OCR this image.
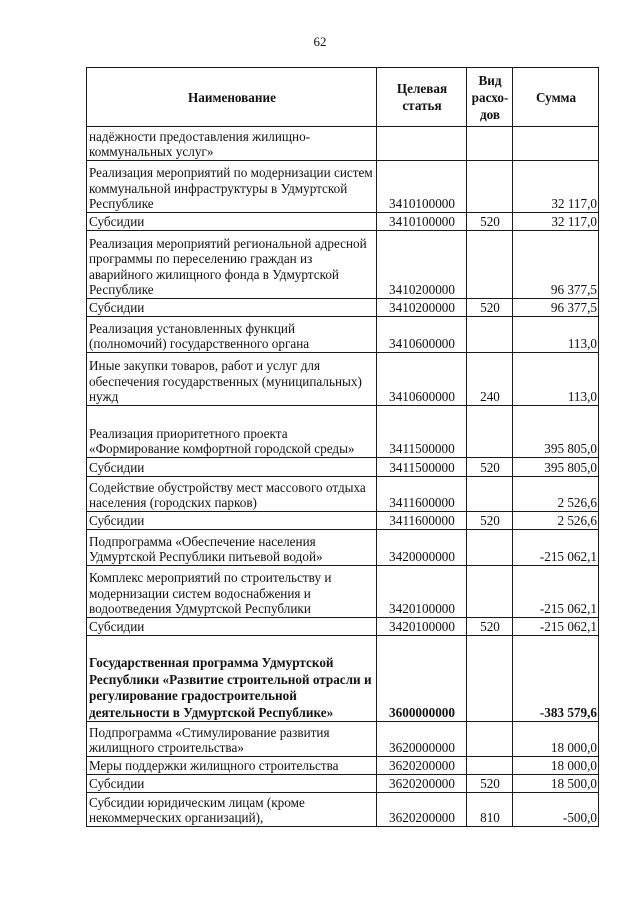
62
Наименование	Целевая статья	Вид расхо-дов	Сумма
надёжности предоставления жилищно-коммунальных услуг»			
Реализация мероприятий по модернизации систем коммунальной инфраструктуры в Удмуртской Республике	3410100000		32 117,0
Субсидии	3410100000	520	32 117,0
Реализация мероприятий региональной адресной программы по переселению граждан из аварийного жилищного фонда в Удмуртской Республике	3410200000		96 377,5
Субсидии	3410200000	520	96 377,5
Реализация установленных функций (полномочий) государственного органа	3410600000		113,0
Иные закупки товаров, работ и услуг для обеспечения государственных (муниципальных) нужд	3410600000	240	113,0
Реализация приоритетного проекта «Формирование комфортной городской среды»	3411500000		395 805,0
Субсидии	3411500000	520	395 805,0
Содействие обустройству мест массового отдыха населения (городских парков)	3411600000		2 526,6
Субсидии	3411600000	520	2 526,6
Подпрограмма «Обеспечение населения Удмуртской Республики питьевой водой»	3420000000		-215 062,1
Комплекс мероприятий по строительству и модернизации систем водоснабжения и водоотведения Удмуртской Республики	3420100000		-215 062,1
Субсидии	3420100000	520	-215 062,1
Государственная программа Удмуртской Республики «Развитие строительной отрасли и регулирование градостроительной деятельности в Удмуртской Республике»	3600000000		-383 579,6
Подпрограмма «Стимулирование развития жилищного строительства»	3620000000		18 000,0
Меры поддержки жилищного строительства	3620200000		18 000,0
Субсидии	3620200000	520	18 500,0
Субсидии юридическим лицам (кроме некоммерческих организаций),	3620200000	810	-500,0
